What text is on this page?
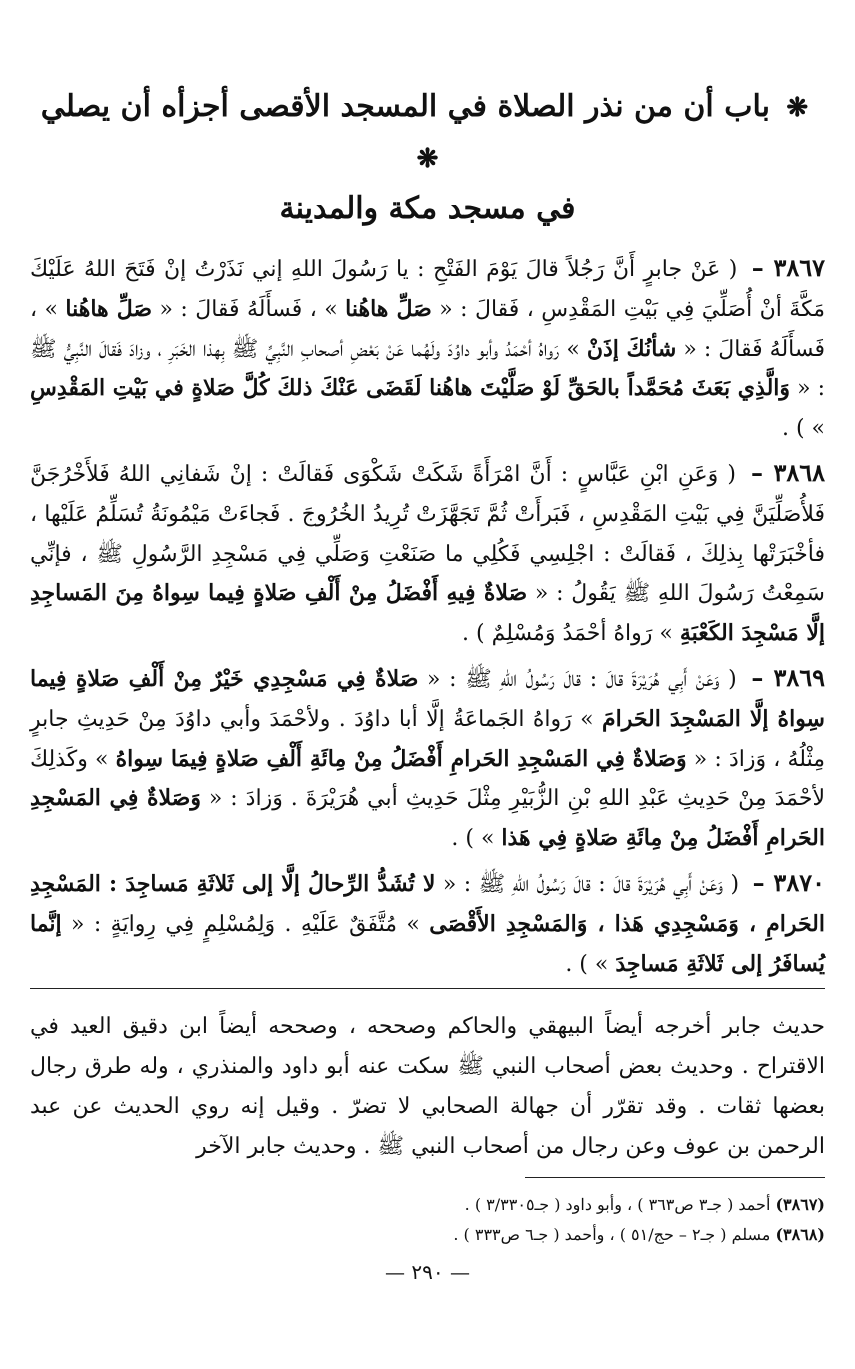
❋ باب أن من نذر الصلاة في المسجد الأقصى أجزأه أن يصلي ❋
في مسجد مكة والمدينة

٣٨٦٧ – ( عَنْ جابرٍ أَنَّ رَجُلاً قالَ يَوْمَ الفَتْحِ : يا رَسُولَ اللهِ إني نَذَرْتُ إنْ فَتَحَ اللهُ عَلَيْكَ مَكَّةَ أنْ أُصَلِّيَ فِي بَيْتِ المَقْدِسِ ، فَقالَ : « صَلِّ هاهُنا » ، فَسأَلَهُ فَقالَ : « صَلِّ هاهُنا » ، فَسأَلَهُ فَقالَ : « شأنُكَ إذَنْ » رَواهُ أحْمَدُ وأبو داوُدَ ولَهُما عَنْ بَعْضِ أصحابِ النَّبِيِّ ﷺ بِهذا الخَبَرِ ، وزادَ فَقالَ النَّبِيُّ ﷺ : « وَالَّذِي بَعَثَ مُحَمَّداً بالحَقِّ لَوْ صَلَّيْتَ هاهُنا لَقَضَى عَنْكَ ذلكَ كُلَّ صَلاةٍ في بَيْتِ المَقْدِسِ » ) .

٣٨٦٨ – ( وَعَنِ ابْنِ عَبَّاسٍ : أَنَّ امْرَأَةً شَكَتْ شَكْوَى فَقالَتْ : إنْ شَفانِي اللهُ فَلأَخْرُجَنَّ فَلأُصَلِّيَنَّ فِي بَيْتِ المَقْدِسِ ، فَبَرأَتْ ثُمَّ تَجَهَّزَتْ تُرِيدُ الخُرُوجَ . فَجاءَتْ مَيْمُونَةُ تُسَلِّمُ عَلَيْها ، فأخْبَرَتْها بِذلِكَ ، فَقالَتْ : اجْلِسِي فَكُلِي ما صَنَعْتِ وَصَلِّي فِي مَسْجِدِ الرَّسُولِ ﷺ ، فإنِّي سَمِعْتُ رَسُولَ اللهِ ﷺ يَقُولُ : « صَلاةٌ فِيهِ أَفْضَلُ مِنْ أَلْفِ صَلاةٍ فِيما سِواهُ مِنَ المَساجِدِ إلَّا مَسْجِدَ الكَعْبَةِ » رَواهُ أحْمَدُ وَمُسْلِمٌ ) .

٣٨٦٩ – ( وَعَنْ أَبِي هُرَيْرَةَ قالَ : قالَ رَسُولُ اللهِ ﷺ : « صَلاةٌ فِي مَسْجِدِي خَيْرٌ مِنْ أَلْفِ صَلاةٍ فِيما سِواهُ إلَّا المَسْجِدَ الحَرامَ » رَواهُ الجَماعَةُ إلَّا أبا داوُدَ . ولأحْمَدَ وأبي داوُدَ مِنْ حَدِيثِ جابرٍ مِثْلُهُ ، وَزادَ : « وَصَلاةٌ فِي المَسْجِدِ الحَرامِ أَفْضَلُ مِنْ مِائَةِ أَلْفِ صَلاةٍ فِيمَا سِواهُ » وكَذلِكَ لأحْمَدَ مِنْ حَدِيثِ عَبْدِ اللهِ بْنِ الزُّبَيْرِ مِثْلَ حَدِيثِ أبي هُرَيْرَةَ . وَزادَ : « وَصَلاةٌ فِي المَسْجِدِ الحَرامِ أَفْضَلُ مِنْ مِائَةِ صَلاةٍ فِي هَذا » ) .

٣٨٧٠ – ( وَعَنْ أَبِي هُرَيْرَةَ قالَ : قالَ رَسُولُ اللهِ ﷺ : « لا تُشَدُّ الرِّحالُ إلَّا إلى ثَلاثَةِ مَساجِدَ : المَسْجِدِ الحَرامِ ، وَمَسْجِدِي هَذا ، وَالمَسْجِدِ الأَقْصَى » مُتَّفَقٌ عَلَيْهِ . وَلِمُسْلِمٍ فِي رِوايَةٍ : « إنَّما يُسافَرُ إلى ثَلاثَةِ مَساجِدَ » ) .

حديث جابر أخرجه أيضاً البيهقي والحاكم وصححه ، وصححه أيضاً ابن دقيق العيد في الاقتراح . وحديث بعض أصحاب النبي ﷺ سكت عنه أبو داود والمنذري ، وله طرق رجال بعضها ثقات . وقد تقرّر أن جهالة الصحابي لا تضرّ . وقيل إنه روي الحديث عن عبد الرحمن بن عوف وعن رجال من أصحاب النبي ﷺ . وحديث جابر الآخر

(٣٨٦٧) أحمد ( جـ٣ ص٣٦٣ ) ، وأبو داود ( جـ٣/٣٣٠٥ ) .

(٣٨٦٨) مسلم ( جـ٢ – حج/٥١ ) ، وأحمد ( جـ٦ ص٣٣٣ ) .

— ٢٩٠ —
